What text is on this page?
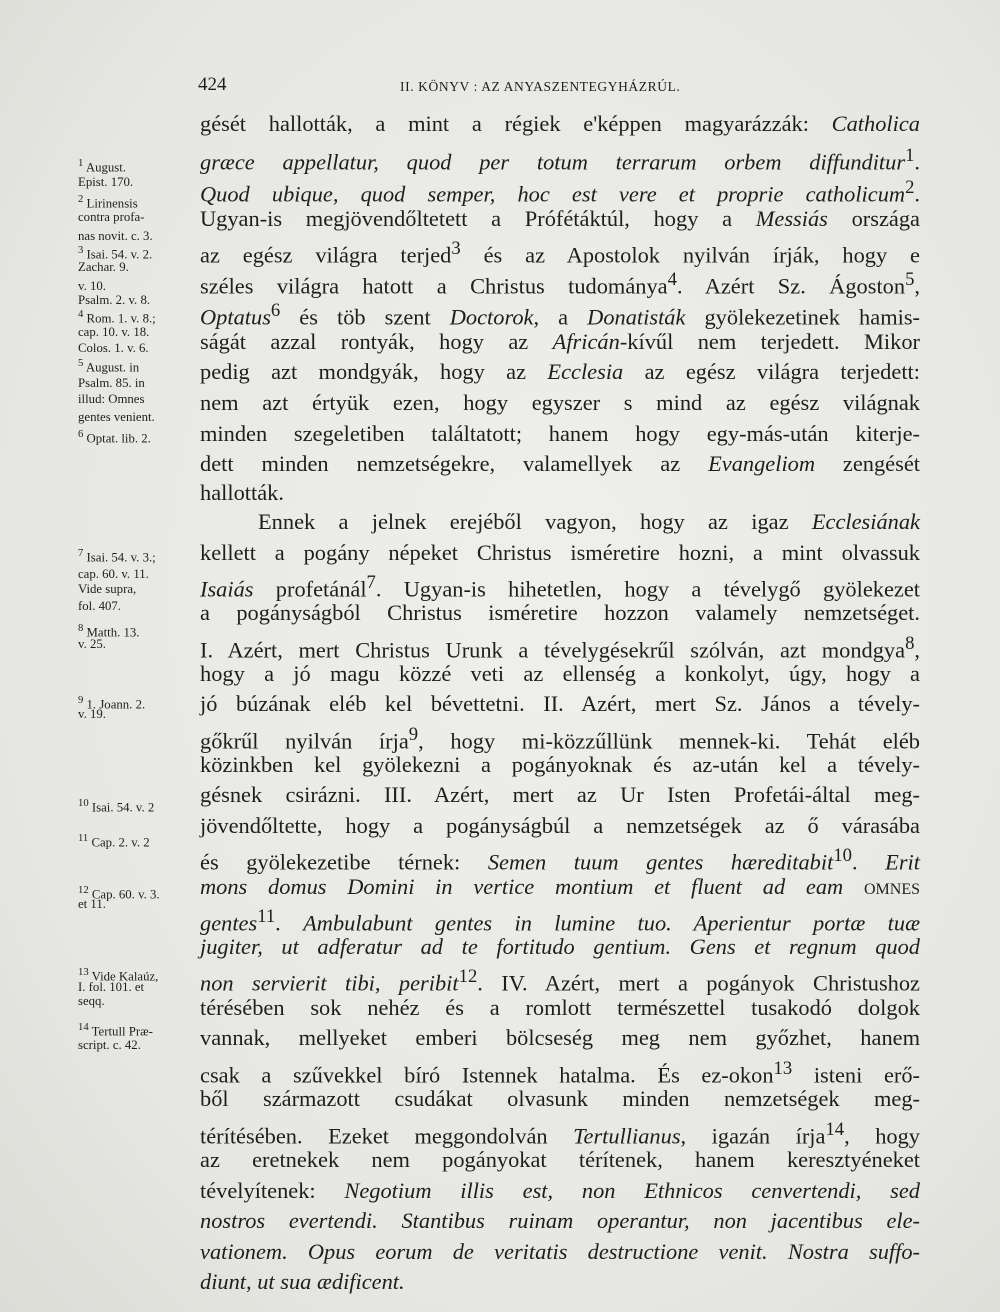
424	II. KÖNYV : AZ ANYASZENTEGYHÁZRÚL.
gését hallották, a mint a régiek e'képpen magyarázzák: Catholica
græce appellatur, quod per totum terrarum orbem diffunditur$^1$.
Quod ubique, quod semper, hoc est vere et proprie catholicum$^2$.
Ugyan-is megjövendőltetett a Prófétáktúl, hogy a Messiás országa
az egész világra terjed$^3$ és az Apostolok nyilván írják, hogy e
széles világra hatott a Christus tudománya$^4$. Azért Sz. Ágoston$^5$,
Optatus$^6$ és töb szent Doctorok, a Donatisták gyölekezetinek hamis-
ságát azzal rontyák, hogy az Africán-kívűl nem terjedett. Mikor
pedig azt mondgyák, hogy az Ecclesia az egész világra terjedett:
nem azt értyük ezen, hogy egyszer s mind az egész világnak
minden szegeletiben találtatott; hanem hogy egy-más-után kiterje-
dett minden nemzetségekre, valamellyek az Evangeliom zengését
hallották.
Ennek a jelnek erejéből vagyon, hogy az igaz Ecclesiának
kellett a pogány népeket Christus isméretire hozni, a mint olvassuk
Isaiás profetánál$^7$. Ugyan-is hihetetlen, hogy a tévelygő gyölekezet
a pogányságból Christus isméretire hozzon valamely nemzetséget.
I. Azért, mert Christus Urunk a tévelygésekrűl szólván, azt mondgya$^8$,
hogy a jó magu közzé veti az ellenség a konkolyt, úgy, hogy a
jó búzának eléb kel bévettetni. II. Azért, mert Sz. János a tévely-
gőkrűl nyilván írja$^9$, hogy mi-közzűllünk mennek-ki. Tehát eléb
közinkben kel gyölekezni a pogányoknak és az-után kel a tévely-
gésnek csirázni. III. Azért, mert az Ur Isten Profetái-által meg-
jövendőltette, hogy a pogányságbúl a nemzetségek az ő várasába
és gyölekezetibe térnek: Semen tuum gentes hæreditabit$^{10}$. Erit
mons domus Domini in vertice montium et fluent ad eam omnes
gentes$^{11}$. Ambulabunt gentes in lumine tuo. Aperientur portæ tuæ
jugiter, ut adferatur ad te fortitudo gentium. Gens et regnum quod
non servierit tibi, peribit$^{12}$. IV. Azért, mert a pogányok Christushoz
térésében sok nehéz és a romlott természettel tusakodó dolgok
vannak, mellyeket emberi bölcseség meg nem győzhet, hanem
csak a szűvekkel bíró Istennek hatalma. És ez-okon$^{13}$ isteni erő-
ből származott csudákat olvasunk minden nemzetségek meg-
térítésében. Ezeket meggondolván Tertullianus, igazán írja$^{14}$, hogy
az eretnekek nem pogányokat térítenek, hanem keresztyéneket
tévelyítenek: Negotium illis est, non Ethnicos cenvertendi, sed
nostros evertendi. Stantibus ruinam operantur, non jacentibus ele-
vationem. Opus eorum de veritatis destructione venit. Nostra suffo-
diunt, ut sua ædificent.
$^1$ August.
Epist. 170.
$^2$ Lirinensis
contra profa-
nas novit. c. 3.
$^3$ Isai. 54. v. 2.
Zachar. 9.
v. 10.
Psalm. 2. v. 8.
$^4$ Rom. 1. v. 8.;
cap. 10. v. 18.
Colos. 1. v. 6.
$^5$ August. in
Psalm. 85. in
illud: Omnes
gentes venient.
$^6$ Optat. lib. 2.
$^7$ Isai. 54. v. 3.;
cap. 60. v. 11.
Vide supra,
fol. 407.
$^8$ Matth. 13.
v. 25.
$^9$ 1. Joann. 2.
v. 19.
$^{10}$ Isai. 54. v. 2
$^{11}$ Cap. 2. v. 2
$^{12}$ Cap. 60. v. 3.
et 11.
$^{13}$ Vide Kalaúz,
I. fol. 101. et
seqq.
$^{14}$ Tertull Præ-
script. c. 42.
